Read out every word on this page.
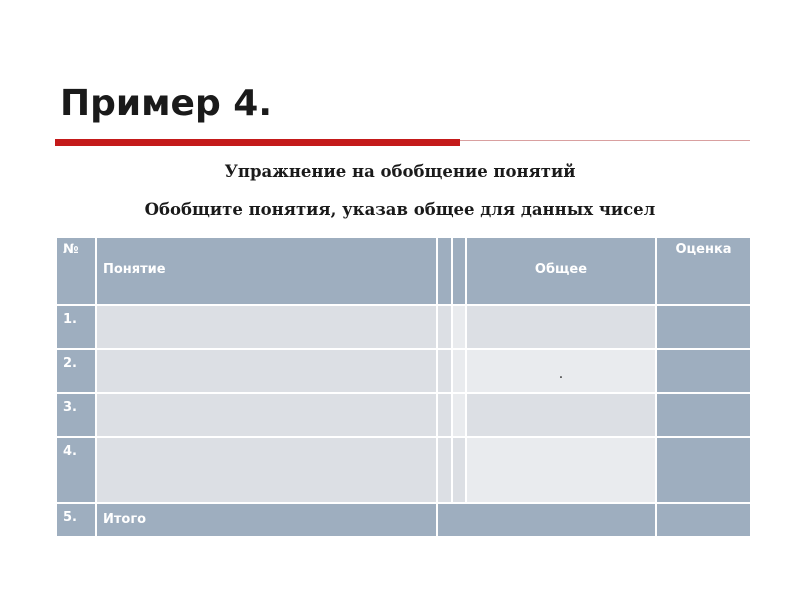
Пример 4.

Упражнение на обобщение понятий

Обобщите понятия, указав общее для данных чисел

№	Понятие			Общее	Оценка

1.					

2.				.	

3.					

4.					

5.	Итого				
